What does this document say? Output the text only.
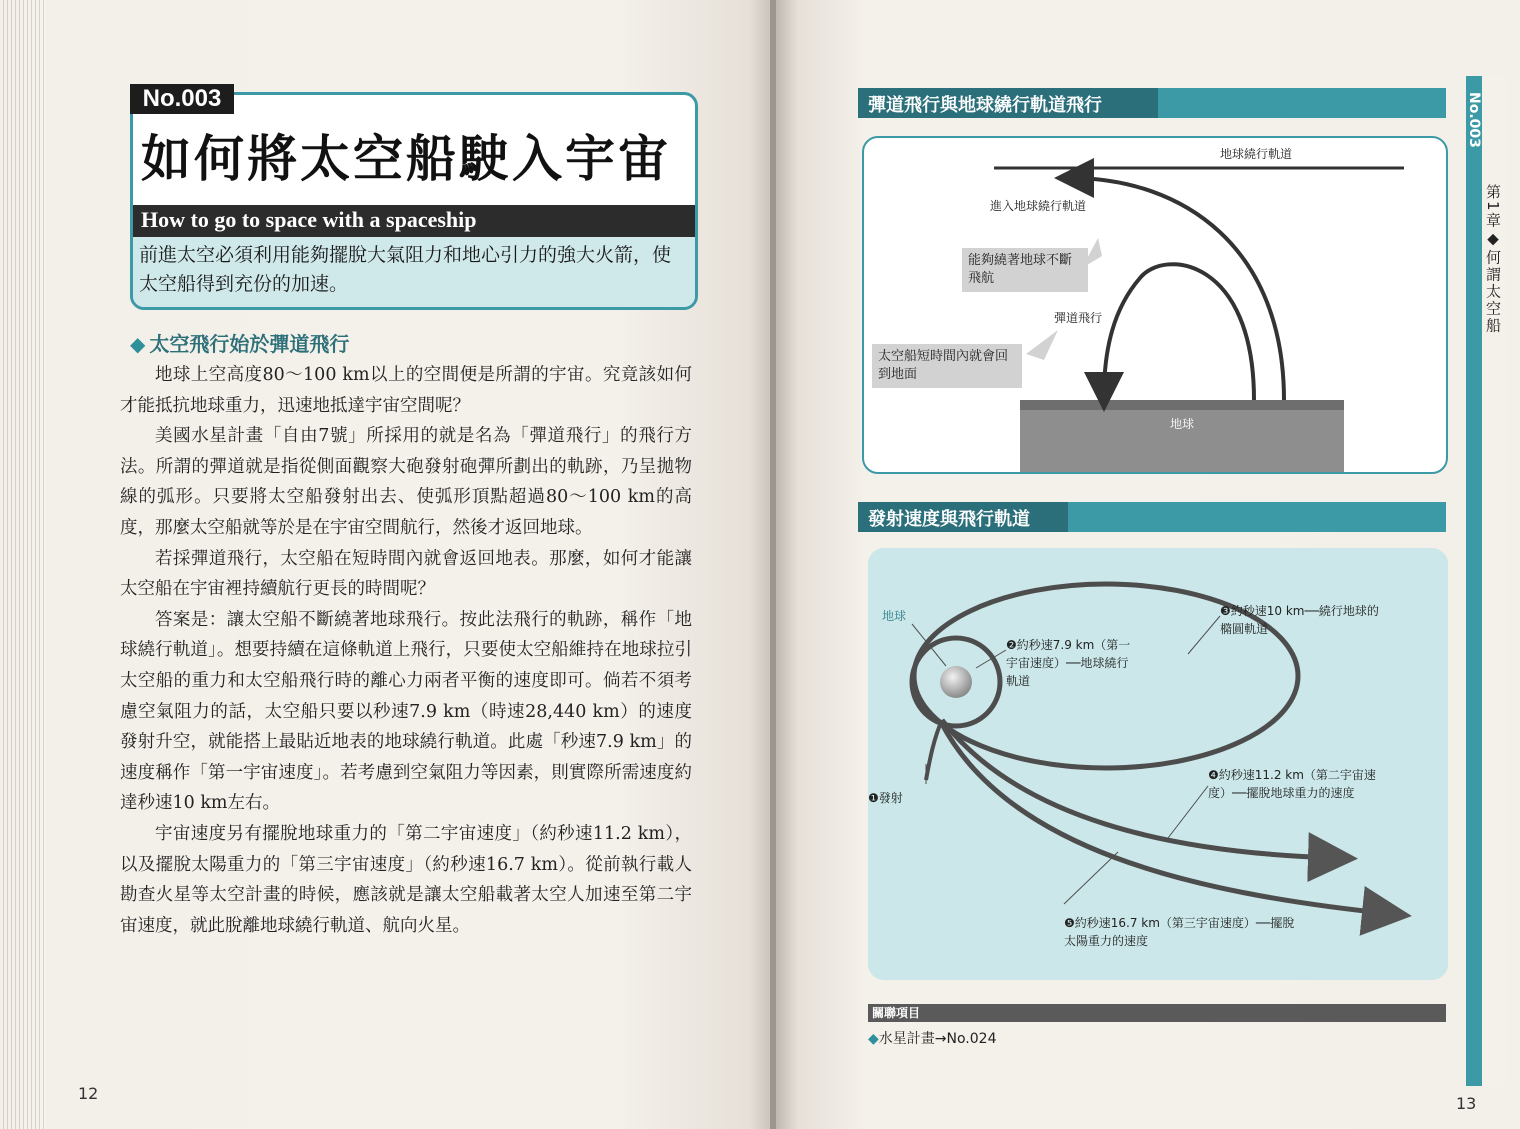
如何將太空船駛入宇宙
How to go to space with a spaceship
前進太空必須利用能夠擺脫大氣阻力和地心引力的強大火箭，使太空船得到充份的加速。
No.003
◆ 太空飛行始於彈道飛行

地球上空高度80～100 km以上的空間便是所謂的宇宙。究竟該如何才能抵抗地球重力，迅速地抵達宇宙空間呢？

美國水星計畫「自由7號」所採用的就是名為「彈道飛行」的飛行方法。所謂的彈道就是指從側面觀察大砲發射砲彈所劃出的軌跡，乃呈拋物線的弧形。只要將太空船發射出去、使弧形頂點超過80～100 km的高度，那麼太空船就等於是在宇宙空間航行，然後才返回地球。

若採彈道飛行，太空船在短時間內就會返回地表。那麼，如何才能讓太空船在宇宙裡持續航行更長的時間呢？

答案是：讓太空船不斷繞著地球飛行。按此法飛行的軌跡，稱作「地球繞行軌道」。想要持續在這條軌道上飛行，只要使太空船維持在地球拉引太空船的重力和太空船飛行時的離心力兩者平衡的速度即可。倘若不須考慮空氣阻力的話，太空船只要以秒速7.9 km（時速28,440 km）的速度發射升空，就能搭上最貼近地表的地球繞行軌道。此處「秒速7.9 km」的速度稱作「第一宇宙速度」。若考慮到空氣阻力等因素，則實際所需速度約達秒速10 km左右。

宇宙速度另有擺脫地球重力的「第二宇宙速度」（約秒速11.2 km），以及擺脫太陽重力的「第三宇宙速度」（約秒速16.7 km）。從前執行載人勘查火星等太空計畫的時候，應該就是讓太空船載著太空人加速至第二宇宙速度，就此脫離地球繞行軌道、航向火星。

12
彈道飛行與地球繞行軌道飛行
地球繞行軌道
進入地球繞行軌道
彈道飛行
地球
能夠繞著地球不斷飛航
太空船短時間內就會回到地面
發射速度與飛行軌道
地球
❶發射
❷約秒速7.9 km（第一宇宙速度）──地球繞行軌道
❸約秒速10 km──繞行地球的橢圓軌道
❹約秒速11.2 km（第二宇宙速度）──擺脫地球重力的速度
❺約秒速16.7 km（第三宇宙速度）──擺脫太陽重力的速度
關聯項目
◆水星計畫→No.024
No.003
第1章◆何謂太空船
13
